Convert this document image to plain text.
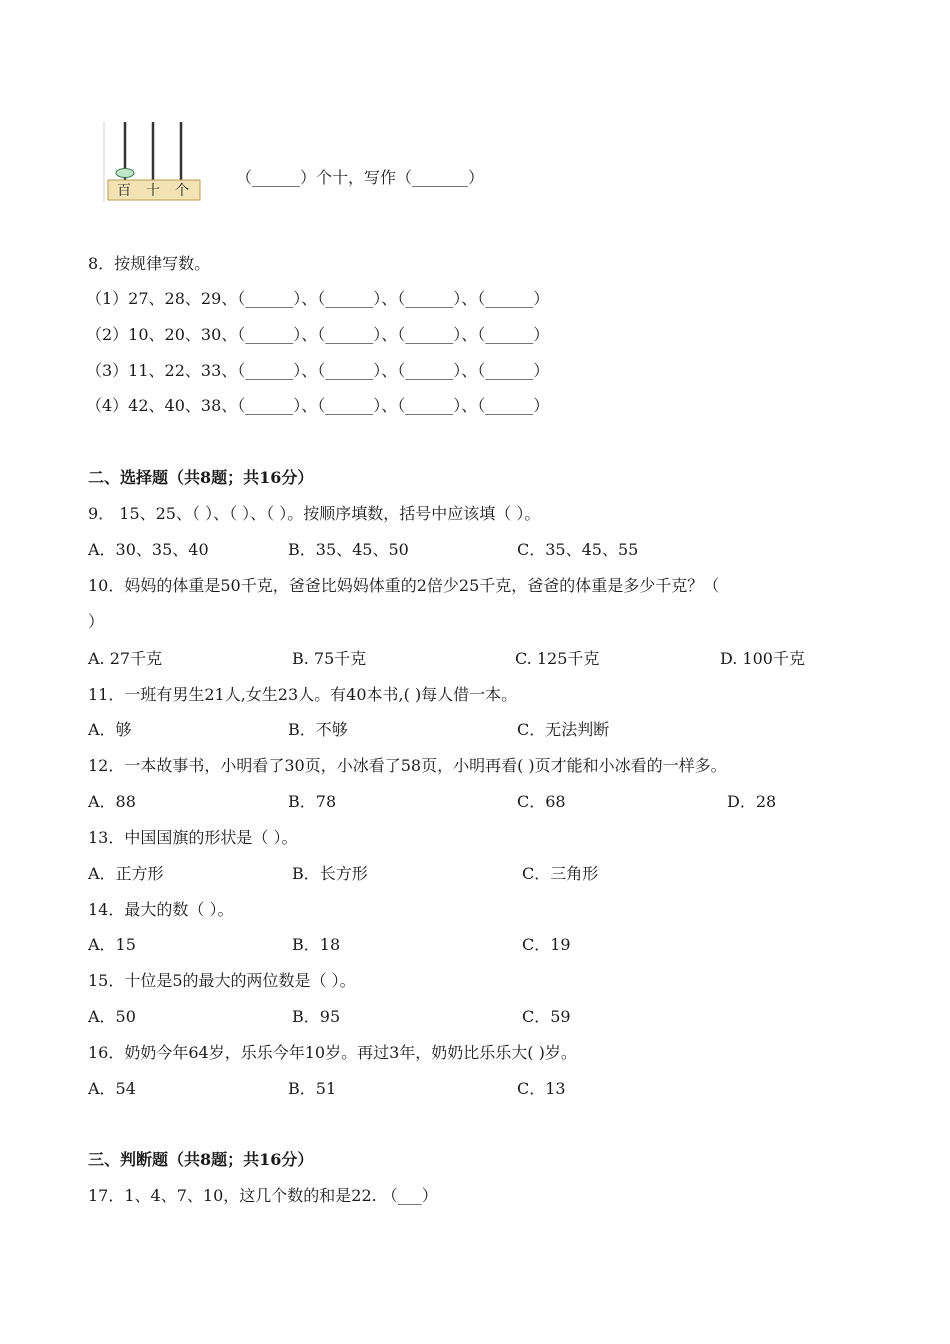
百 十 个
（______）个十，写作（_______）
8．按规律写数。
（1）27、28、29、（______）、（______）、（______）、（______）
（2）10、20、30、（______）、（______）、（______）、（______）
（3）11、22、33、（______）、（______）、（______）、（______）
（4）42、40、38、（______）、（______）、（______）、（______）
二、选择题（共8题；共16分）
9． 15、25、（ ）、（ ）、（ ）。按顺序填数，括号中应该填（ ）。
A．30、35、40	B．35、45、50	C．35、45、55
10．妈妈的体重是50千克，爸爸比妈妈体重的2倍少25千克，爸爸的体重是多少千克？（
）
A. 27千克	B. 75千克	C. 125千克	D. 100千克
11．一班有男生21人,女生23人。有40本书,( )每人借一本。
A．够	B．不够	C．无法判断
12．一本故事书，小明看了30页，小冰看了58页，小明再看( )页才能和小冰看的一样多。
A．88	B．78	C．68	D．28
13．中国国旗的形状是（ ）。
A．正方形	B．长方形	C．三角形
14．最大的数（ ）。
A．15	B．18	C．19
15．十位是5的最大的两位数是（ ）。
A．50	B．95	C．59
16．奶奶今年64岁，乐乐今年10岁。再过3年，奶奶比乐乐大( )岁。
A．54	B．51	C．13
三、判断题（共8题；共16分）
17．1、4、7、10，这几个数的和是22. （___）
